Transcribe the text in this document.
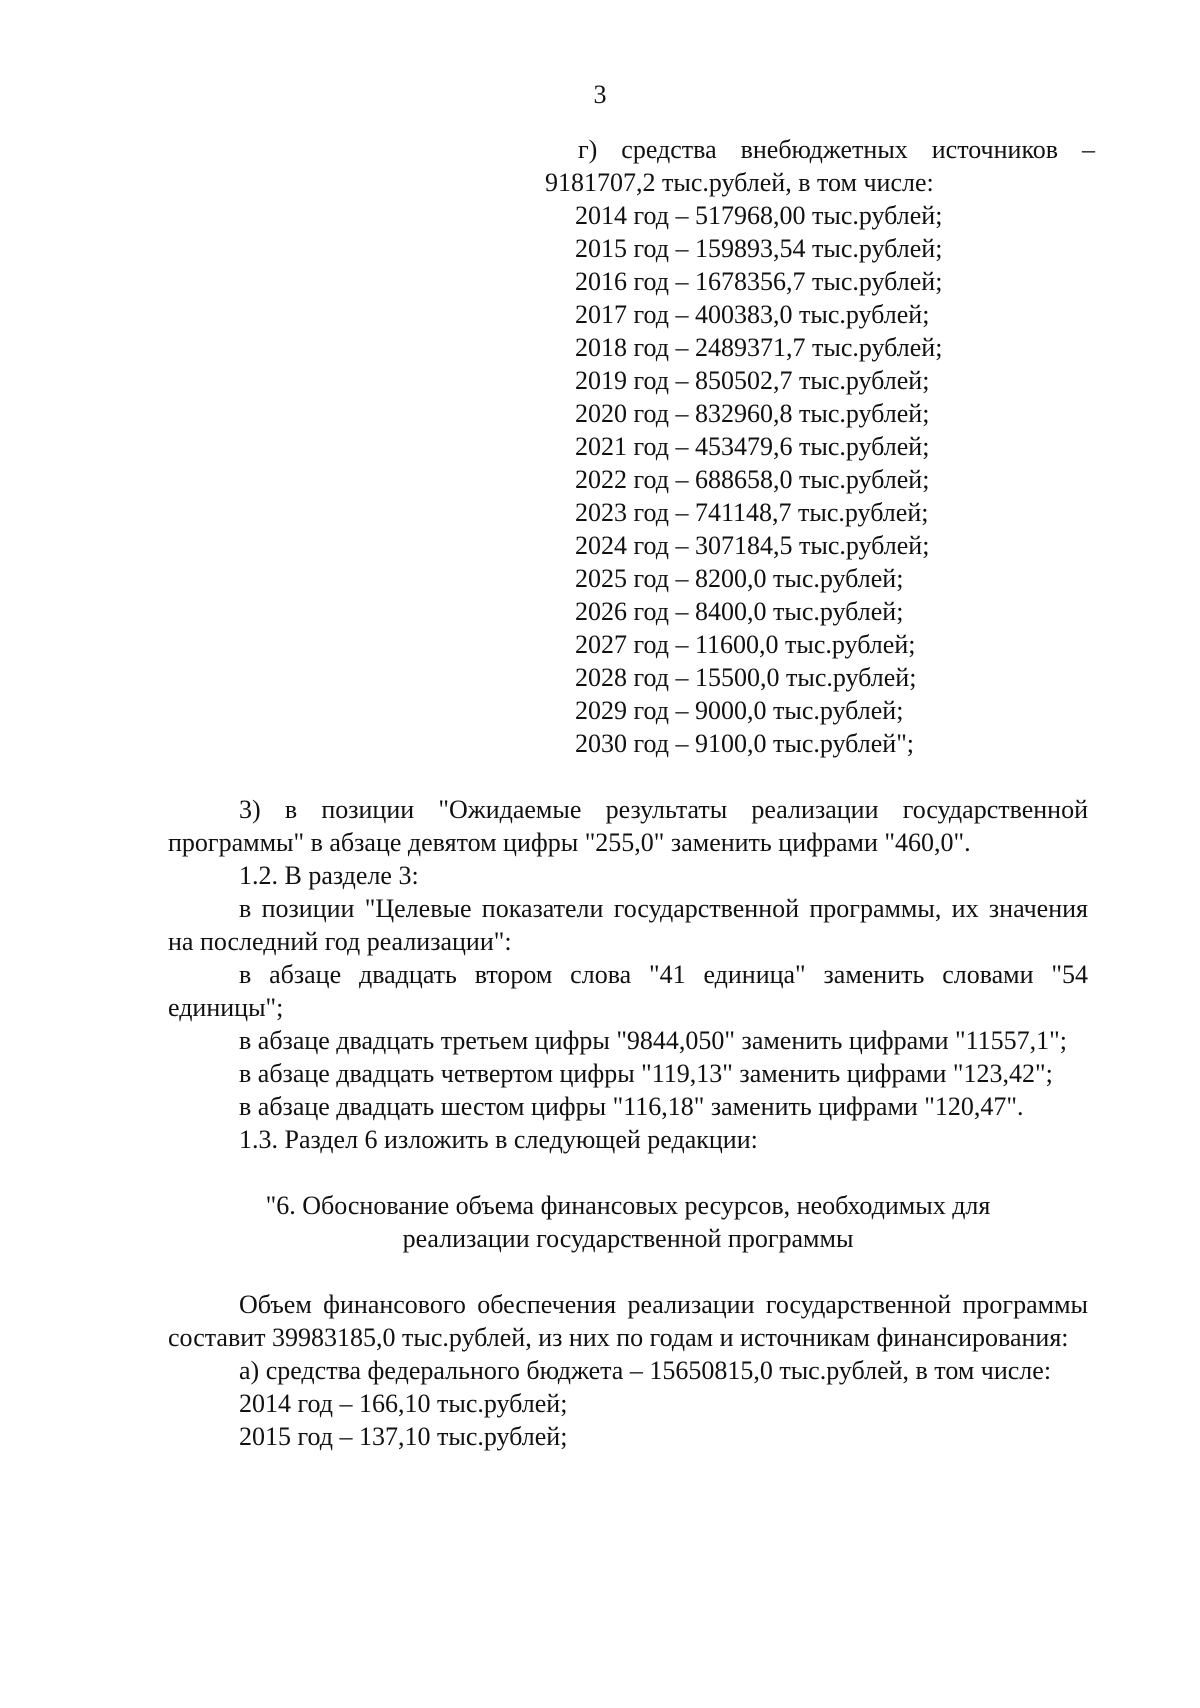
3

г) средства внебюджетных источников –

9181707,2 тыс.рублей, в том числе:

2014 год – 517968,00 тыс.рублей;
2015 год – 159893,54 тыс.рублей;
2016 год – 1678356,7 тыс.рублей;
2017 год – 400383,0 тыс.рублей;
2018 год – 2489371,7 тыс.рублей;
2019 год – 850502,7 тыс.рублей;
2020 год – 832960,8 тыс.рублей;
2021 год – 453479,6 тыс.рублей;
2022 год – 688658,0 тыс.рублей;
2023 год – 741148,7 тыс.рублей;
2024 год – 307184,5 тыс.рублей;
2025 год – 8200,0 тыс.рублей;
2026 год – 8400,0 тыс.рублей;
2027 год – 11600,0 тыс.рублей;
2028 год – 15500,0 тыс.рублей;
2029 год – 9000,0 тыс.рублей;
2030 год – 9100,0 тыс.рублей";

3) в позиции "Ожидаемые результаты реализации государственной программы" в абзаце девятом цифры "255,0" заменить цифрами "460,0".

1.2. В разделе 3:

в позиции "Целевые показатели государственной программы, их значения на последний год реализации":

в абзаце двадцать втором слова "41 единица" заменить словами "54 единицы";

в абзаце двадцать третьем цифры "9844,050" заменить цифрами "11557,1";

в абзаце двадцать четвертом цифры "119,13" заменить цифрами "123,42";

в абзаце двадцать шестом цифры "116,18" заменить цифрами "120,47".

1.3. Раздел 6 изложить в следующей редакции:

"6. Обоснование объема финансовых ресурсов, необходимых для реализации государственной программы

Объем финансового обеспечения реализации государственной программы составит 39983185,0 тыс.рублей, из них по годам и источникам финансирования:

а) средства федерального бюджета – 15650815,0 тыс.рублей, в том числе:

2014 год – 166,10 тыс.рублей;
2015 год – 137,10 тыс.рублей;
